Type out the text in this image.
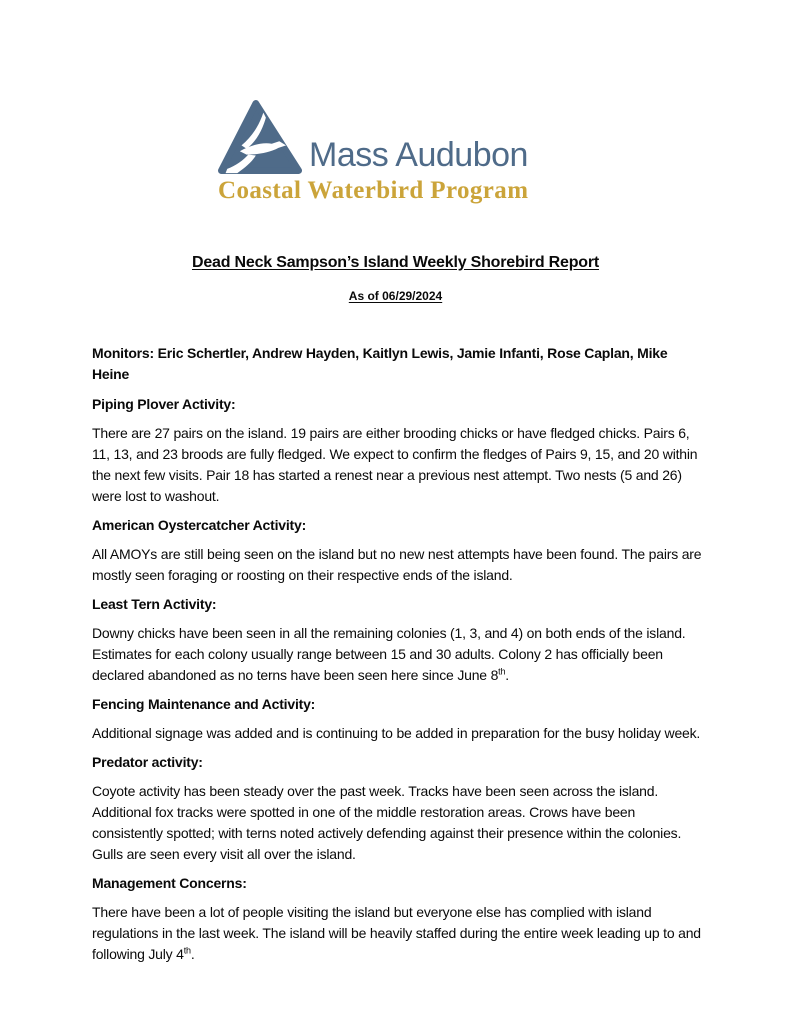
Mass Audubon
Coastal Waterbird Program
Dead Neck Sampson’s Island Weekly Shorebird Report
As of 06/29/2024

Monitors: Eric Schertler, Andrew Hayden, Kaitlyn Lewis, Jamie Infanti, Rose Caplan, Mike Heine

Piping Plover Activity:

There are 27 pairs on the island. 19 pairs are either brooding chicks or have fledged chicks. Pairs 6, 11, 13, and 23 broods are fully fledged. We expect to confirm the fledges of Pairs 9, 15, and 20 within the next few visits. Pair 18 has started a renest near a previous nest attempt. Two nests (5 and 26) were lost to washout.

American Oystercatcher Activity:

All AMOYs are still being seen on the island but no new nest attempts have been found. The pairs are mostly seen foraging or roosting on their respective ends of the island.

Least Tern Activity:

Downy chicks have been seen in all the remaining colonies (1, 3, and 4) on both ends of the island. Estimates for each colony usually range between 15 and 30 adults. Colony 2 has officially been declared abandoned as no terns have been seen here since June 8th.

Fencing Maintenance and Activity:

Additional signage was added and is continuing to be added in preparation for the busy holiday week.

Predator activity:

Coyote activity has been steady over the past week. Tracks have been seen across the island. Additional fox tracks were spotted in one of the middle restoration areas. Crows have been consistently spotted; with terns noted actively defending against their presence within the colonies. Gulls are seen every visit all over the island.

Management Concerns:

There have been a lot of people visiting the island but everyone else has complied with island regulations in the last week. The island will be heavily staffed during the entire week leading up to and following July 4th.
